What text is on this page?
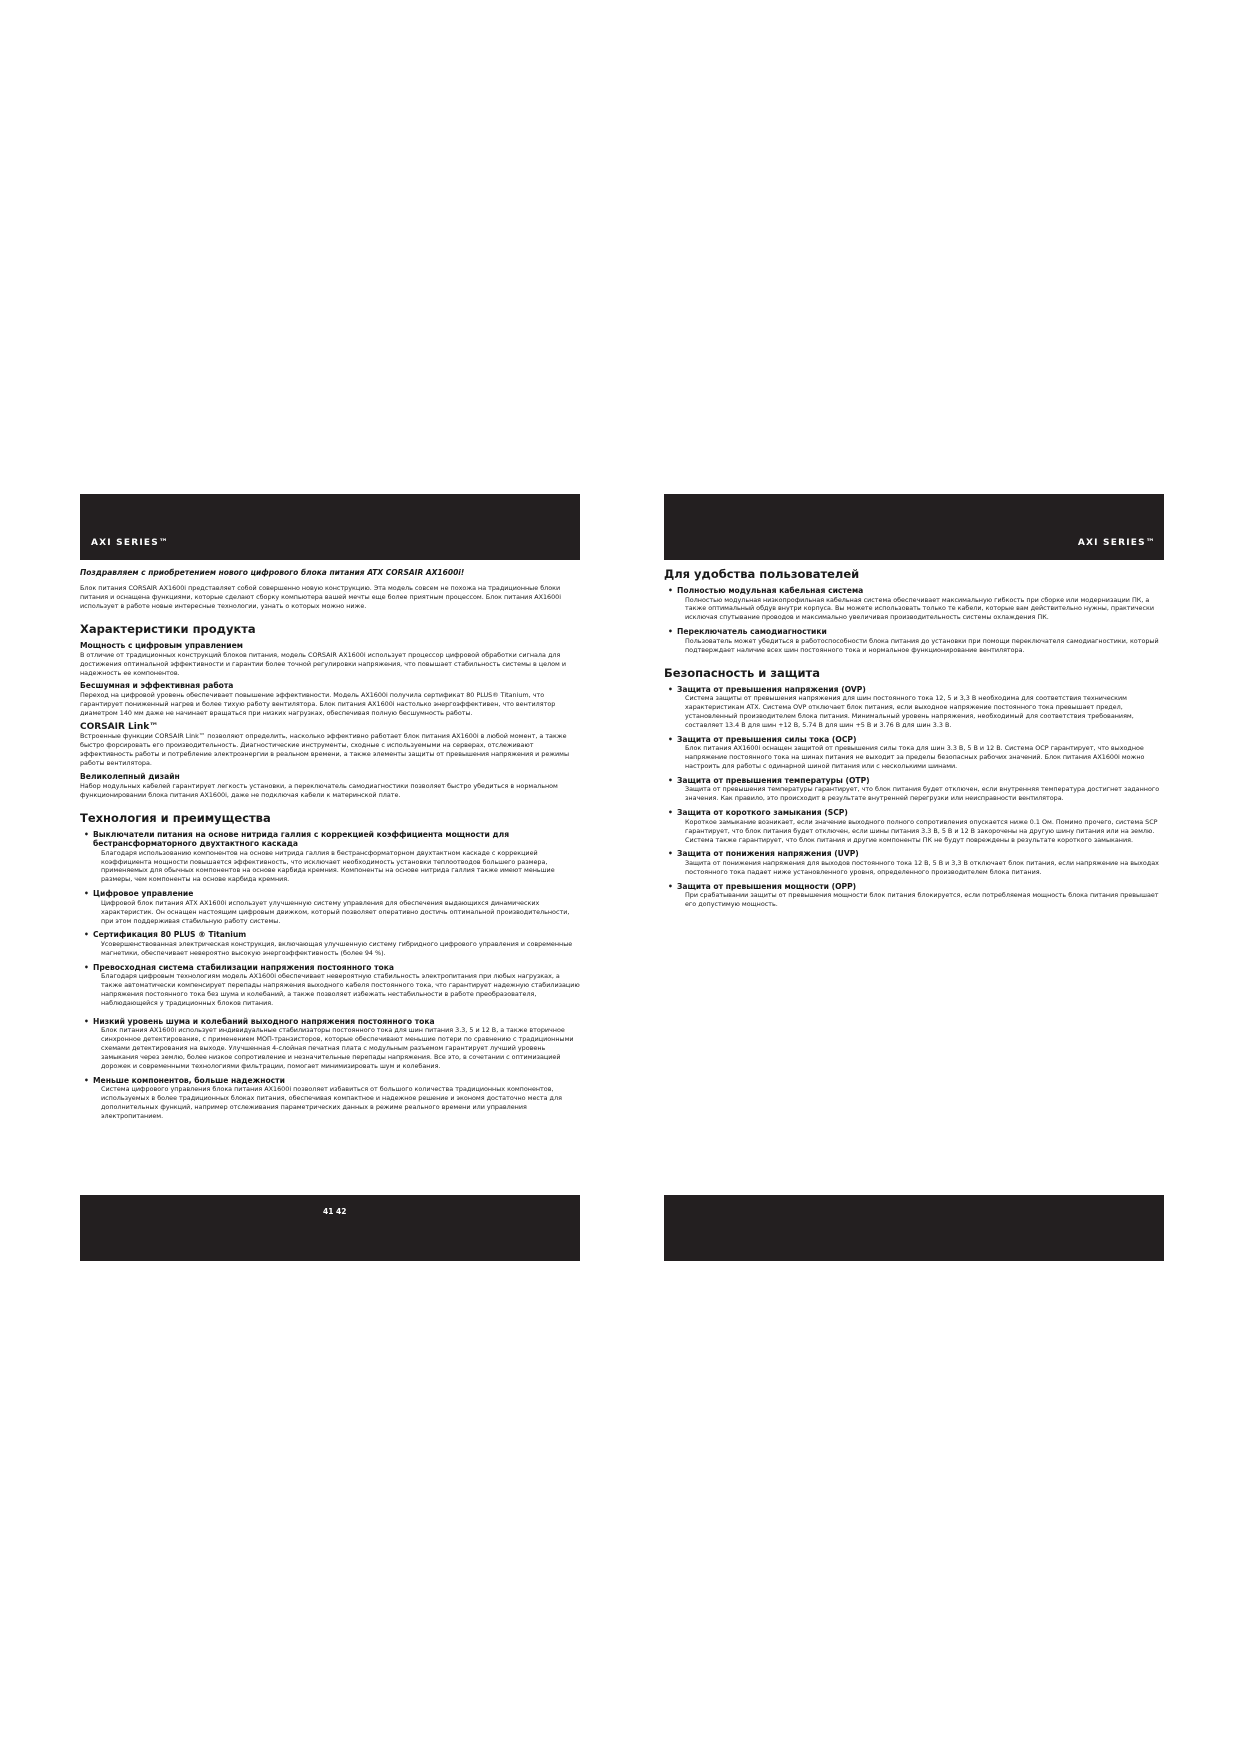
AXI SERIES™
Поздравляем с приобретением нового цифрового блока питания ATX CORSAIR AX1600i!

Блок питания CORSAIR AX1600i представляет собой совершенно новую конструкцию. Эта модель совсем не похожа на традиционные блоки питания и оснащена функциями, которые сделают сборку компьютера вашей мечты еще более приятным процессом. Блок питания AX1600i использует в работе новые интересные технологии, узнать о которых можно ниже.

Характеристики продукта
Мощность с цифровым управлением

В отличие от традиционных конструкций блоков питания, модель CORSAIR AX1600i использует процессор цифровой обработки сигнала для достижения оптимальной эффективности и гарантии более точной регулировки напряжения, что повышает стабильность системы в целом и надежность ее компонентов.

Бесшумная и эффективная работа

Переход на цифровой уровень обеспечивает повышение эффективности. Модель AX1600i получила сертификат 80 PLUS® Titanium, что гарантирует пониженный нагрев и более тихую работу вентилятора. Блок питания AX1600i настолько энергоэффективен, что вентилятор диаметром 140 мм даже не начинает вращаться при низких нагрузках, обеспечивая полную бесшумность работы.

CORSAIR Link™

Встроенные функции CORSAIR Link™ позволяют определить, насколько эффективно работает блок питания AX1600i в любой момент, а также быстро форсировать его производительность. Диагностические инструменты, сходные с используемыми на серверах, отслеживают эффективность работы и потребление электроэнергии в реальном времени, а также элементы защиты от превышения напряжения и режимы работы вентилятора.

Великолепный дизайн

Набор модульных кабелей гарантирует легкость установки, а переключатель самодиагностики позволяет быстро убедиться в нормальном функционировании блока питания AX1600i, даже не подключая кабели к материнской плате.

Технология и преимущества
• Выключатели питания на основе нитрида галлия с коррекцией коэффициента мощности для бестрансформаторного двухтактного каскада

Благодаря использованию компонентов на основе нитрида галлия в бестрансформаторном двухтактном каскаде с коррекцией коэффициента мощности повышается эффективность, что исключает необходимость установки теплоотводов большего размера, применяемых для обычных компонентов на основе карбида кремния. Компоненты на основе нитрида галлия также имеют меньшие размеры, чем компоненты на основе карбида кремния.

• Цифровое управление

Цифровой блок питания ATX AX1600i использует улучшенную систему управления для обеспечения выдающихся динамических характеристик. Он оснащен настоящим цифровым движком, который позволяет оперативно достичь оптимальной производительности, при этом поддерживая стабильную работу системы.

• Сертификация 80 PLUS ® Titanium

Усовершенствованная электрическая конструкция, включающая улучшенную систему гибридного цифрового управления и современные магнетики, обеспечивает невероятно высокую энергоэффективность (более 94 %).

• Превосходная система стабилизации напряжения постоянного тока

Благодаря цифровым технологиям модель AX1600i обеспечивает невероятную стабильность электропитания при любых нагрузках, а также автоматически компенсирует перепады напряжения выходного кабеля постоянного тока, что гарантирует надежную стабилизацию напряжения постоянного тока без шума и колебаний, а также позволяет избежать нестабильности в работе преобразователя, наблюдающейся у традиционных блоков питания.

• Низкий уровень шума и колебаний выходного напряжения постоянного тока

Блок питания AX1600i использует индивидуальные стабилизаторы постоянного тока для шин питания 3.3, 5 и 12 В, а также вторичное синхронное детектирование, с применением МОП-транзисторов, которые обеспечивают меньшие потери по сравнению с традиционными схемами детектирования на выходе. Улучшенная 4-слойная печатная плата с модульным разъемом гарантирует лучший уровень замыкания через землю, более низкое сопротивление и незначительные перепады напряжения. Все это, в сочетании с оптимизацией дорожек и современными технологиями фильтрации, помогает минимизировать шум и колебания.

• Меньше компонентов, больше надежности

Система цифрового управления блока питания AX1600i позволяет избавиться от большого количества традиционных компонентов, используемых в более традиционных блоках питания, обеспечивая компактное и надежное решение и экономя достаточно места для дополнительных функций, например отслеживания параметрических данных в режиме реального времени или управления электропитанием.

41 42
AXI SERIES™
Для удобства пользователей
• Полностью модульная кабельная система

Полностью модульная низкопрофильная кабельная система обеспечивает максимальную гибкость при сборке или модернизации ПК, а также оптимальный обдув внутри корпуса. Вы можете использовать только те кабели, которые вам действительно нужны, практически исключая спутывание проводов и максимально увеличивая производительность системы охлаждения ПК.

• Переключатель самодиагностики

Пользователь может убедиться в работоспособности блока питания до установки при помощи переключателя самодиагностики, который подтверждает наличие всех шин постоянного тока и нормальное функционирование вентилятора.

Безопасность и защита
• Защита от превышения напряжения (OVP)

Система защиты от превышения напряжения для шин постоянного тока 12, 5 и 3,3 В необходима для соответствия техническим характеристикам ATX. Система OVP отключает блок питания, если выходное напряжение постоянного тока превышает предел, установленный производителем блока питания. Минимальный уровень напряжения, необходимый для соответствия требованиям, составляет 13.4 В для шин +12 В, 5.74 В для шин +5 В и 3.76 В для шин 3.3 В.

• Защита от превышения силы тока (OCP)

Блок питания AX1600i оснащен защитой от превышения силы тока для шин 3.3 В, 5 В и 12 В. Система OCP гарантирует, что выходное напряжение постоянного тока на шинах питания не выходит за пределы безопасных рабочих значений. Блок питания AX1600i можно настроить для работы с одинарной шиной питания или с несколькими шинами.

• Защита от превышения температуры (OTP)

Защита от превышения температуры гарантирует, что блок питания будет отключен, если внутренняя температура достигнет заданного значения. Как правило, это происходит в результате внутренней перегрузки или неисправности вентилятора.

• Защита от короткого замыкания (SCP)

Короткое замыкание возникает, если значение выходного полного сопротивления опускается ниже 0.1 Ом. Помимо прочего, система SCP гарантирует, что блок питания будет отключен, если шины питания 3.3 В, 5 В и 12 В закорочены на другую шину питания или на землю. Система также гарантирует, что блок питания и другие компоненты ПК не будут повреждены в результате короткого замыкания.

• Защита от понижения напряжения (UVP)

Защита от понижения напряжения для выходов постоянного тока 12 В, 5 В и 3,3 В отключает блок питания, если напряжение на выходах постоянного тока падает ниже установленного уровня, определенного производителем блока питания.

• Защита от превышения мощности (OPP)

При срабатывании защиты от превышения мощности блок питания блокируется, если потребляемая мощность блока питания превышает его допустимую мощность.
